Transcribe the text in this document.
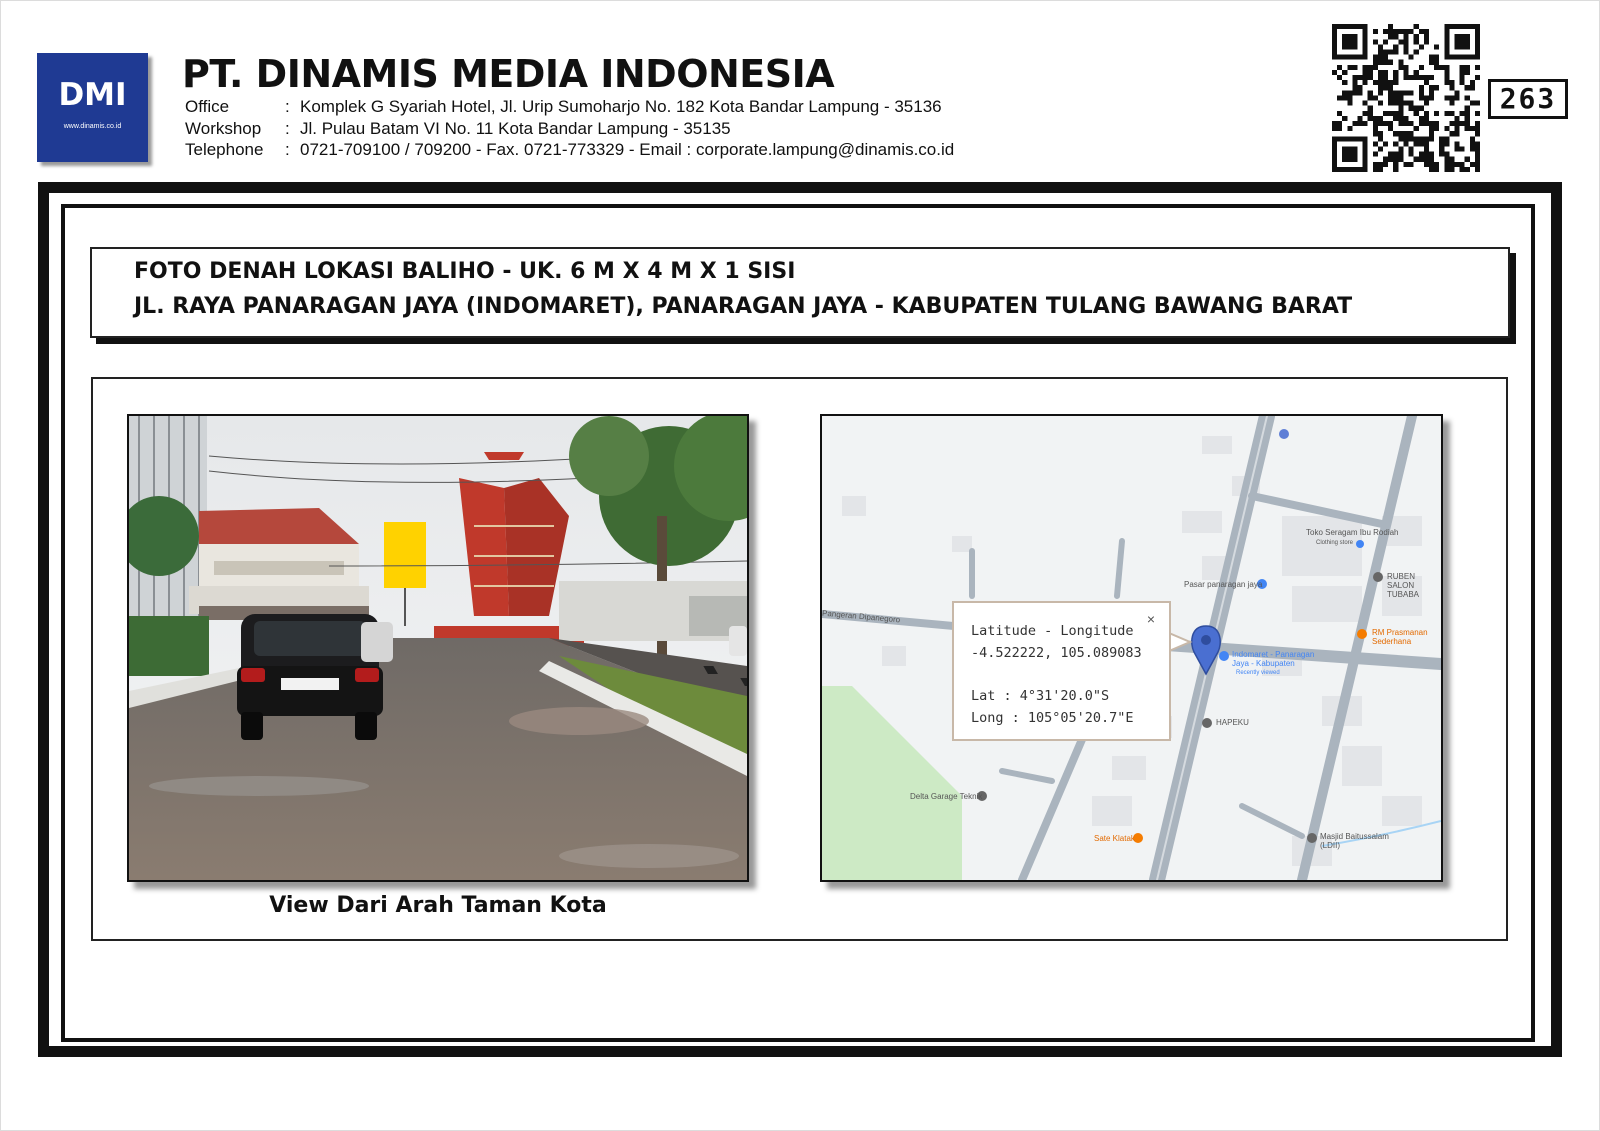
DMI
www.dinamis.co.id
PT. DINAMIS MEDIA INDONESIA
Office	: Komplek G Syariah Hotel, Jl. Urip Sumoharjo No. 182 Kota Bandar Lampung - 35136
Workshop : Jl. Pulau Batam VI No. 11 Kota Bandar Lampung - 35135
Telephone : 0721-709100 / 709200 - Fax. 0721-773329 - Email : corporate.lampung@dinamis.co.id
263
FOTO DENAH LOKASI BALIHO - UK. 6 M X 4 M X 1 SISI
JL. RAYA PANARAGAN JAYA (INDOMARET), PANARAGAN JAYA - KABUPATEN TULANG BAWANG BARAT
View Dari Arah Taman Kota
Pangeran Dipanegoro
Toko Seragam Ibu Rodiah
Clothing store
Pasar panaragan jaya
RUBEN SALON TUBABA
RM Prasmanan Sederhana
Indomaret - Panaragan Jaya - Kabupaten
Recently viewed
HAPEKU
Delta Garage Teknik
Sate Klatak	Masjid Baitussalam (LDII)
×
Latitude - Longitude
-4.522222, 105.089083
Lat : 4°31'20.0"S
Long : 105°05'20.7"E
